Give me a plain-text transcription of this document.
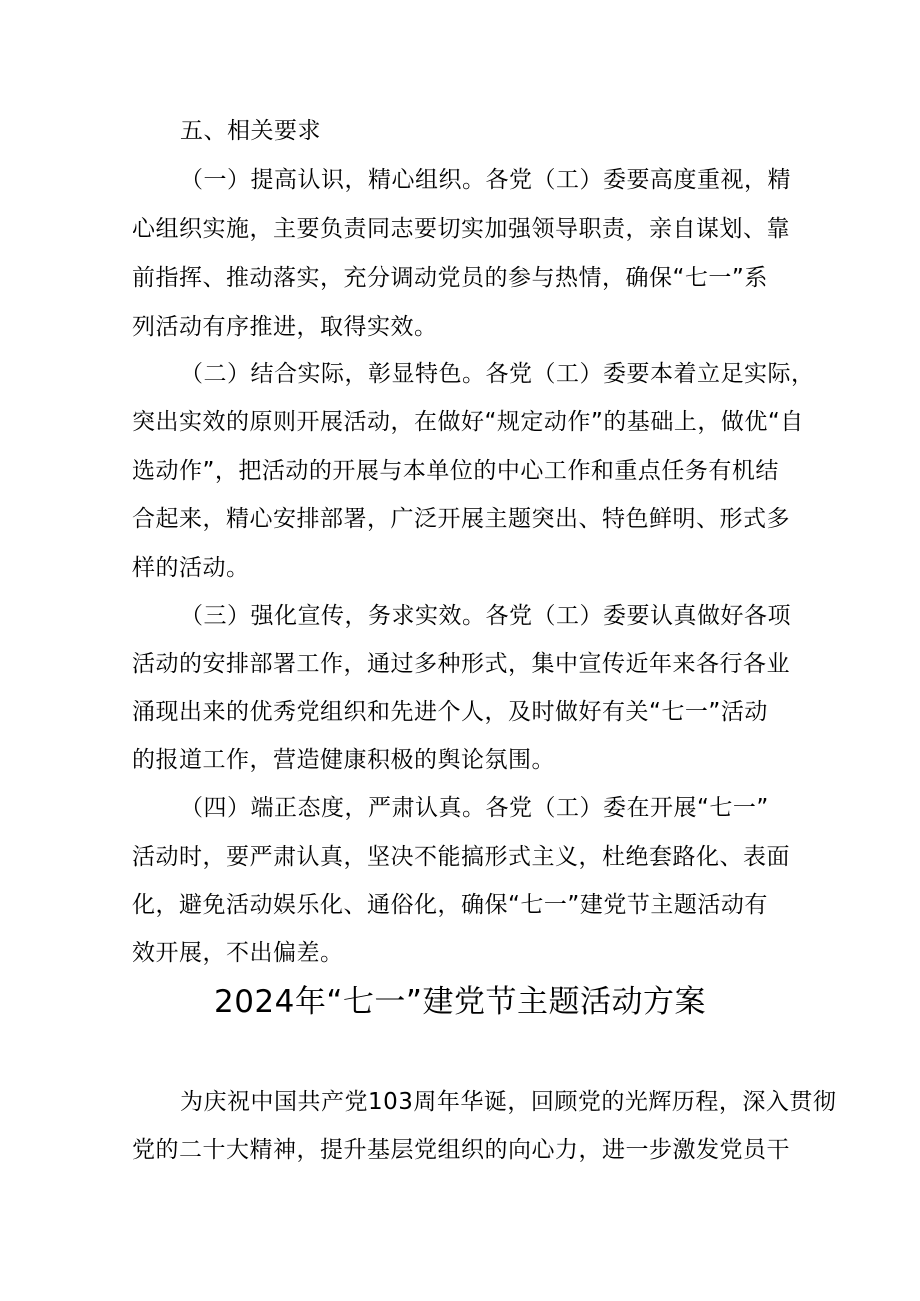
五、相关要求
（一）提高认识，精心组织。各党（工）委要高度重视，精
心组织实施，主要负责同志要切实加强领导职责，亲自谋划、靠
前指挥、推动落实，充分调动党员的参与热情，确保“七一”系
列活动有序推进，取得实效。
（二）结合实际，彰显特色。各党（工）委要本着立足实际，
突出实效的原则开展活动，在做好“规定动作”的基础上，做优“自
选动作”，把活动的开展与本单位的中心工作和重点任务有机结
合起来，精心安排部署，广泛开展主题突出、特色鲜明、形式多
样的活动。
（三）强化宣传，务求实效。各党（工）委要认真做好各项
活动的安排部署工作，通过多种形式，集中宣传近年来各行各业
涌现出来的优秀党组织和先进个人，及时做好有关“七一”活动
的报道工作，营造健康积极的舆论氛围。
（四）端正态度，严肃认真。各党（工）委在开展“七一”
活动时，要严肃认真，坚决不能搞形式主义，杜绝套路化、表面
化，避免活动娱乐化、通俗化，确保“七一”建党节主题活动有
效开展，不出偏差。
2024年“七一”建党节主题活动方案
为庆祝中国共产党103周年华诞，回顾党的光辉历程，深入贯彻
党的二十大精神，提升基层党组织的向心力，进一步激发党员干
